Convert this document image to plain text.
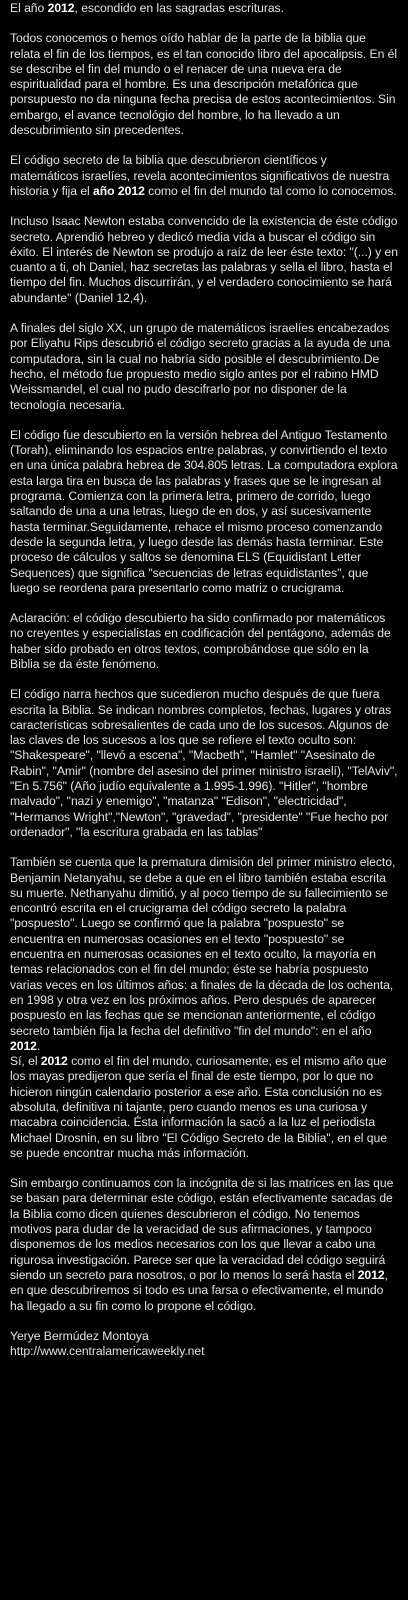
El año 2012, escondido en las sagradas escrituras.

Todos conocemos o hemos oído hablar de la parte de la biblia que relata el fin de los tiempos, es el tan conocido libro del apocalipsis. En él se describe el fin del mundo o el renacer de una nueva era de espiritualidad para el hombre. Es una descripción metafórica que porsupuesto no da ninguna fecha precisa de estos acontecimientos. Sin embargo, el avance tecnológio del hombre, lo ha llevado a un descubrimiento sin precedentes.

El código secreto de la biblia que descubrieron científicos y matemáticos israelíes, revela acontecimientos significativos de nuestra historia y fija el año 2012 como el fin del mundo tal como lo conocemos.

Incluso Isaac Newton estaba convencido de la existencia de éste código secreto. Aprendió hebreo y dedicó media vida a buscar el código sin éxito. El interés de Newton se produjo a raíz de leer éste texto: "(...) y en cuanto a ti, oh Daniel, haz secretas las palabras y sella el libro, hasta el tiempo del fin. Muchos discurrirán, y el verdadero conocimiento se hará abundante" (Daniel 12,4).

A finales del siglo XX, un grupo de matemáticos israelíes encabezados por Eliyahu Rips descubrió el código secreto gracias a la ayuda de una computadora, sin la cual no habría sido posible el descubrimiento.De hecho, el método fue propuesto medio siglo antes por el rabino HMD Weissmandel, el cual no pudo descifrarlo por no disponer de la tecnología necesaria.

El código fue descubierto en la versión hebrea del Antiguo Testamento (Torah), eliminando los espacios entre palabras, y convirtiendo el texto en una única palabra hebrea de 304.805 letras. La computadora explora esta larga tira en busca de las palabras y frases que se le ingresan al programa. Comienza con la primera letra, primero de corrido, luego saltando de una a una letras, luego de en dos, y así sucesivamente hasta terminar.Seguidamente, rehace el mismo proceso comenzando desde la segunda letra, y luego desde las demás hasta terminar. Este proceso de cálculos y saltos se denomina ELS (Equidistant Letter Sequences) que significa "secuencias de letras equidistantes", que luego se reordena para presentarlo como matriz o crucigrama.

Aclaración: el código descubierto ha sido confirmado por matemáticos no creyentes y especialistas en codificación del pentágono, además de haber sido probado en otros textos, comprobándose que sólo en la Biblia se da éste fenómeno.

El código narra hechos que sucedieron mucho después de que fuera escrita la Biblia. Se indican nombres completos, fechas, lugares y otras características sobresalientes de cada uno de los sucesos. Algunos de las claves de los sucesos a los que se refiere el texto oculto son: "Shakespeare", "llevó a escena", "Macbeth", "Hamlet" "Asesinato de Rabin", "Amir" (nombre del asesino del primer ministro israelí), "TelAviv", "En 5.756" (Año judío equivalente a 1.995-1.996). "Hitler", "hombre malvado", "nazi y enemigo", "matanza" "Edison", "electricidad", "Hermanos Wright","Newton", "gravedad", "presidente" "Fue hecho por ordenador", "la escritura grabada en las tablas"

También se cuenta que la prematura dimisión del primer ministro electo, Benjamin Netanyahu, se debe a que en el libro también estaba escrita su muerte. Nethanyahu dimitió, y al poco tiempo de su fallecimiento se encontró escrita en el crucigrama del código secreto la palabra "pospuesto". Luego se confirmó que la palabra "pospuesto" se encuentra en numerosas ocasiones en el texto "pospuesto" se encuentra en numerosas ocasiones en el texto oculto, la mayoría en temas relacionados con el fin del mundo; éste se habría pospuesto varias veces en los últimos años: a finales de la década de los ochenta, en 1998 y otra vez en los próximos años. Pero después de aparecer pospuesto en las fechas que se mencionan anteriormente, el código secreto también fija la fecha del definitivo "fin del mundo": en el año 2012.

Sí, el 2012 como el fin del mundo, curiosamente, es el mismo año que los mayas predijeron que sería el final de este tiempo, por lo que no hicieron ningún calendario posterior a ese año. Esta conclusión no es absoluta, definitiva ni tajante, pero cuando menos es una curiosa y macabra coincidencia. Ésta información la sacó a la luz el periodista Michael Drosnin, en su libro "El Código Secreto de la Biblia", en el que se puede encontrar mucha más información.

Sin embargo continuamos con la incógnita de si las matrices en las que se basan para determinar este código, están efectivamente sacadas de la Biblia como dicen quienes descubrieron el código. No tenemos motivos para dudar de la veracidad de sus afirmaciones, y tampoco disponemos de los medios necesarios con los que llevar a cabo una rigurosa investigación. Parece ser que la veracidad del código seguirá siendo un secreto para nosotros, o por lo menos lo será hasta el 2012, en que descubriremos si todo es una farsa o efectivamente, el mundo ha llegado a su fin como lo propone el código.

Yerye Bermúdez Montoya

http://www.centralamericaweekly.net
